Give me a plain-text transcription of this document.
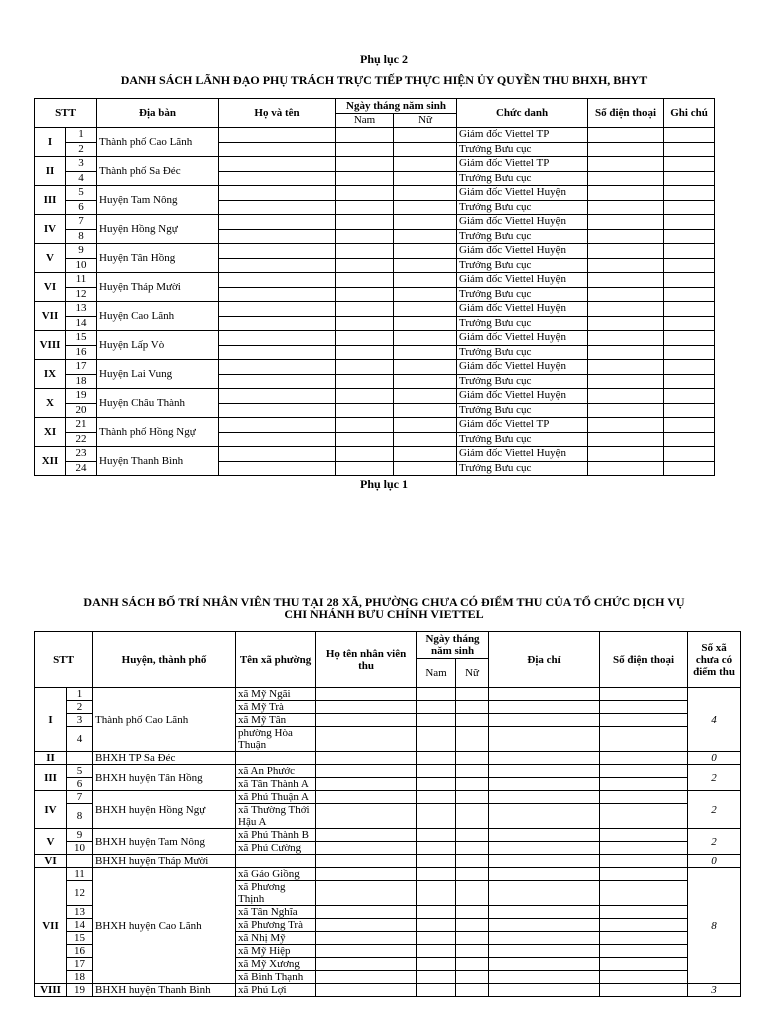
Phụ lục 2
DANH SÁCH LÃNH ĐẠO PHỤ TRÁCH TRỰC TIẾP THỰC HIỆN ỦY QUYỀN THU BHXH, BHYT
STT		Địa bàn	Họ và tên	Ngày tháng năm sinh		Chức danh	Số điện thoại	Ghi chú
				Nam	Nữ			
I	1	Thành phố Cao Lãnh				Giám đốc Viettel TP		
	2					Trưởng Bưu cục		
II	3	Thành phố Sa Đéc				Giám đốc Viettel TP		
	4					Trưởng Bưu cục		
III	5	Huyện Tam Nông				Giám đốc Viettel Huyện		
	6					Trưởng Bưu cục		
IV	7	Huyện Hồng Ngự				Giám đốc Viettel Huyện		
	8					Trưởng Bưu cục		
V	9	Huyện Tân Hồng				Giám đốc Viettel Huyện		
	10					Trưởng Bưu cục		
VI	11	Huyện Tháp Mười				Giám đốc Viettel Huyện		
	12					Trưởng Bưu cục		
VII	13	Huyện Cao Lãnh				Giám đốc Viettel Huyện		
	14					Trưởng Bưu cục		
VIII	15	Huyện Lấp Vò				Giám đốc Viettel Huyện		
	16					Trưởng Bưu cục		
IX	17	Huyện Lai Vung				Giám đốc Viettel Huyện		
	18					Trưởng Bưu cục		
X	19	Huyện Châu Thành				Giám đốc Viettel Huyện		
	20					Trưởng Bưu cục		
XI	21	Thành phố Hồng Ngự				Giám đốc Viettel TP		
	22					Trưởng Bưu cục		
XII	23	Huyện Thanh Bình				Giám đốc Viettel Huyện		
	24					Trưởng Bưu cục		
Phụ lục 1
DANH SÁCH BỐ TRÍ NHÂN VIÊN THU TẠI 28 XÃ, PHƯỜNG CHƯA CÓ ĐIỂM THU CỦA TỔ CHỨC DỊCH VỤ
CHI NHÁNH BƯU CHÍNH VIETTEL
STT		Huyện, thành phố	Tên xã phường	Họ tên nhân viên thu	Ngày tháng năm sinh		Địa chỉ	Số điện thoại	Số xã chưa có điểm thu
					Nam	Nữ			
I	1	Thành phố Cao Lãnh	xã Mỹ Ngãi						4
	2		xã Mỹ Trà						
	3		xã Mỹ Tân						
	4		phường Hòa Thuận						
II		BHXH TP Sa Đéc							0
III	5	BHXH huyện Tân Hồng	xã An Phước						2
	6		xã Tân Thành A						
IV	7	BHXH huyện Hồng Ngự	xã Phú Thuận A						2
	8		xã Thường Thới Hậu A						
V	9	BHXH huyện Tam Nông	xã Phú Thành B						2
	10		xã Phú Cường						
VI		BHXH huyện Tháp Mười							0
VII	11	BHXH huyện Cao Lãnh	xã Gáo Giồng						8
	12		xã Phương Thịnh						
	13		xã Tân Nghĩa						
	14		xã Phương Trà						
	15		xã Nhị Mỹ						
	16		xã Mỹ Hiệp						
	17		xã Mỹ Xương						
	18		xã Bình Thạnh						
VIII	19	BHXH huyện Thanh Bình	xã Phú Lợi						3
